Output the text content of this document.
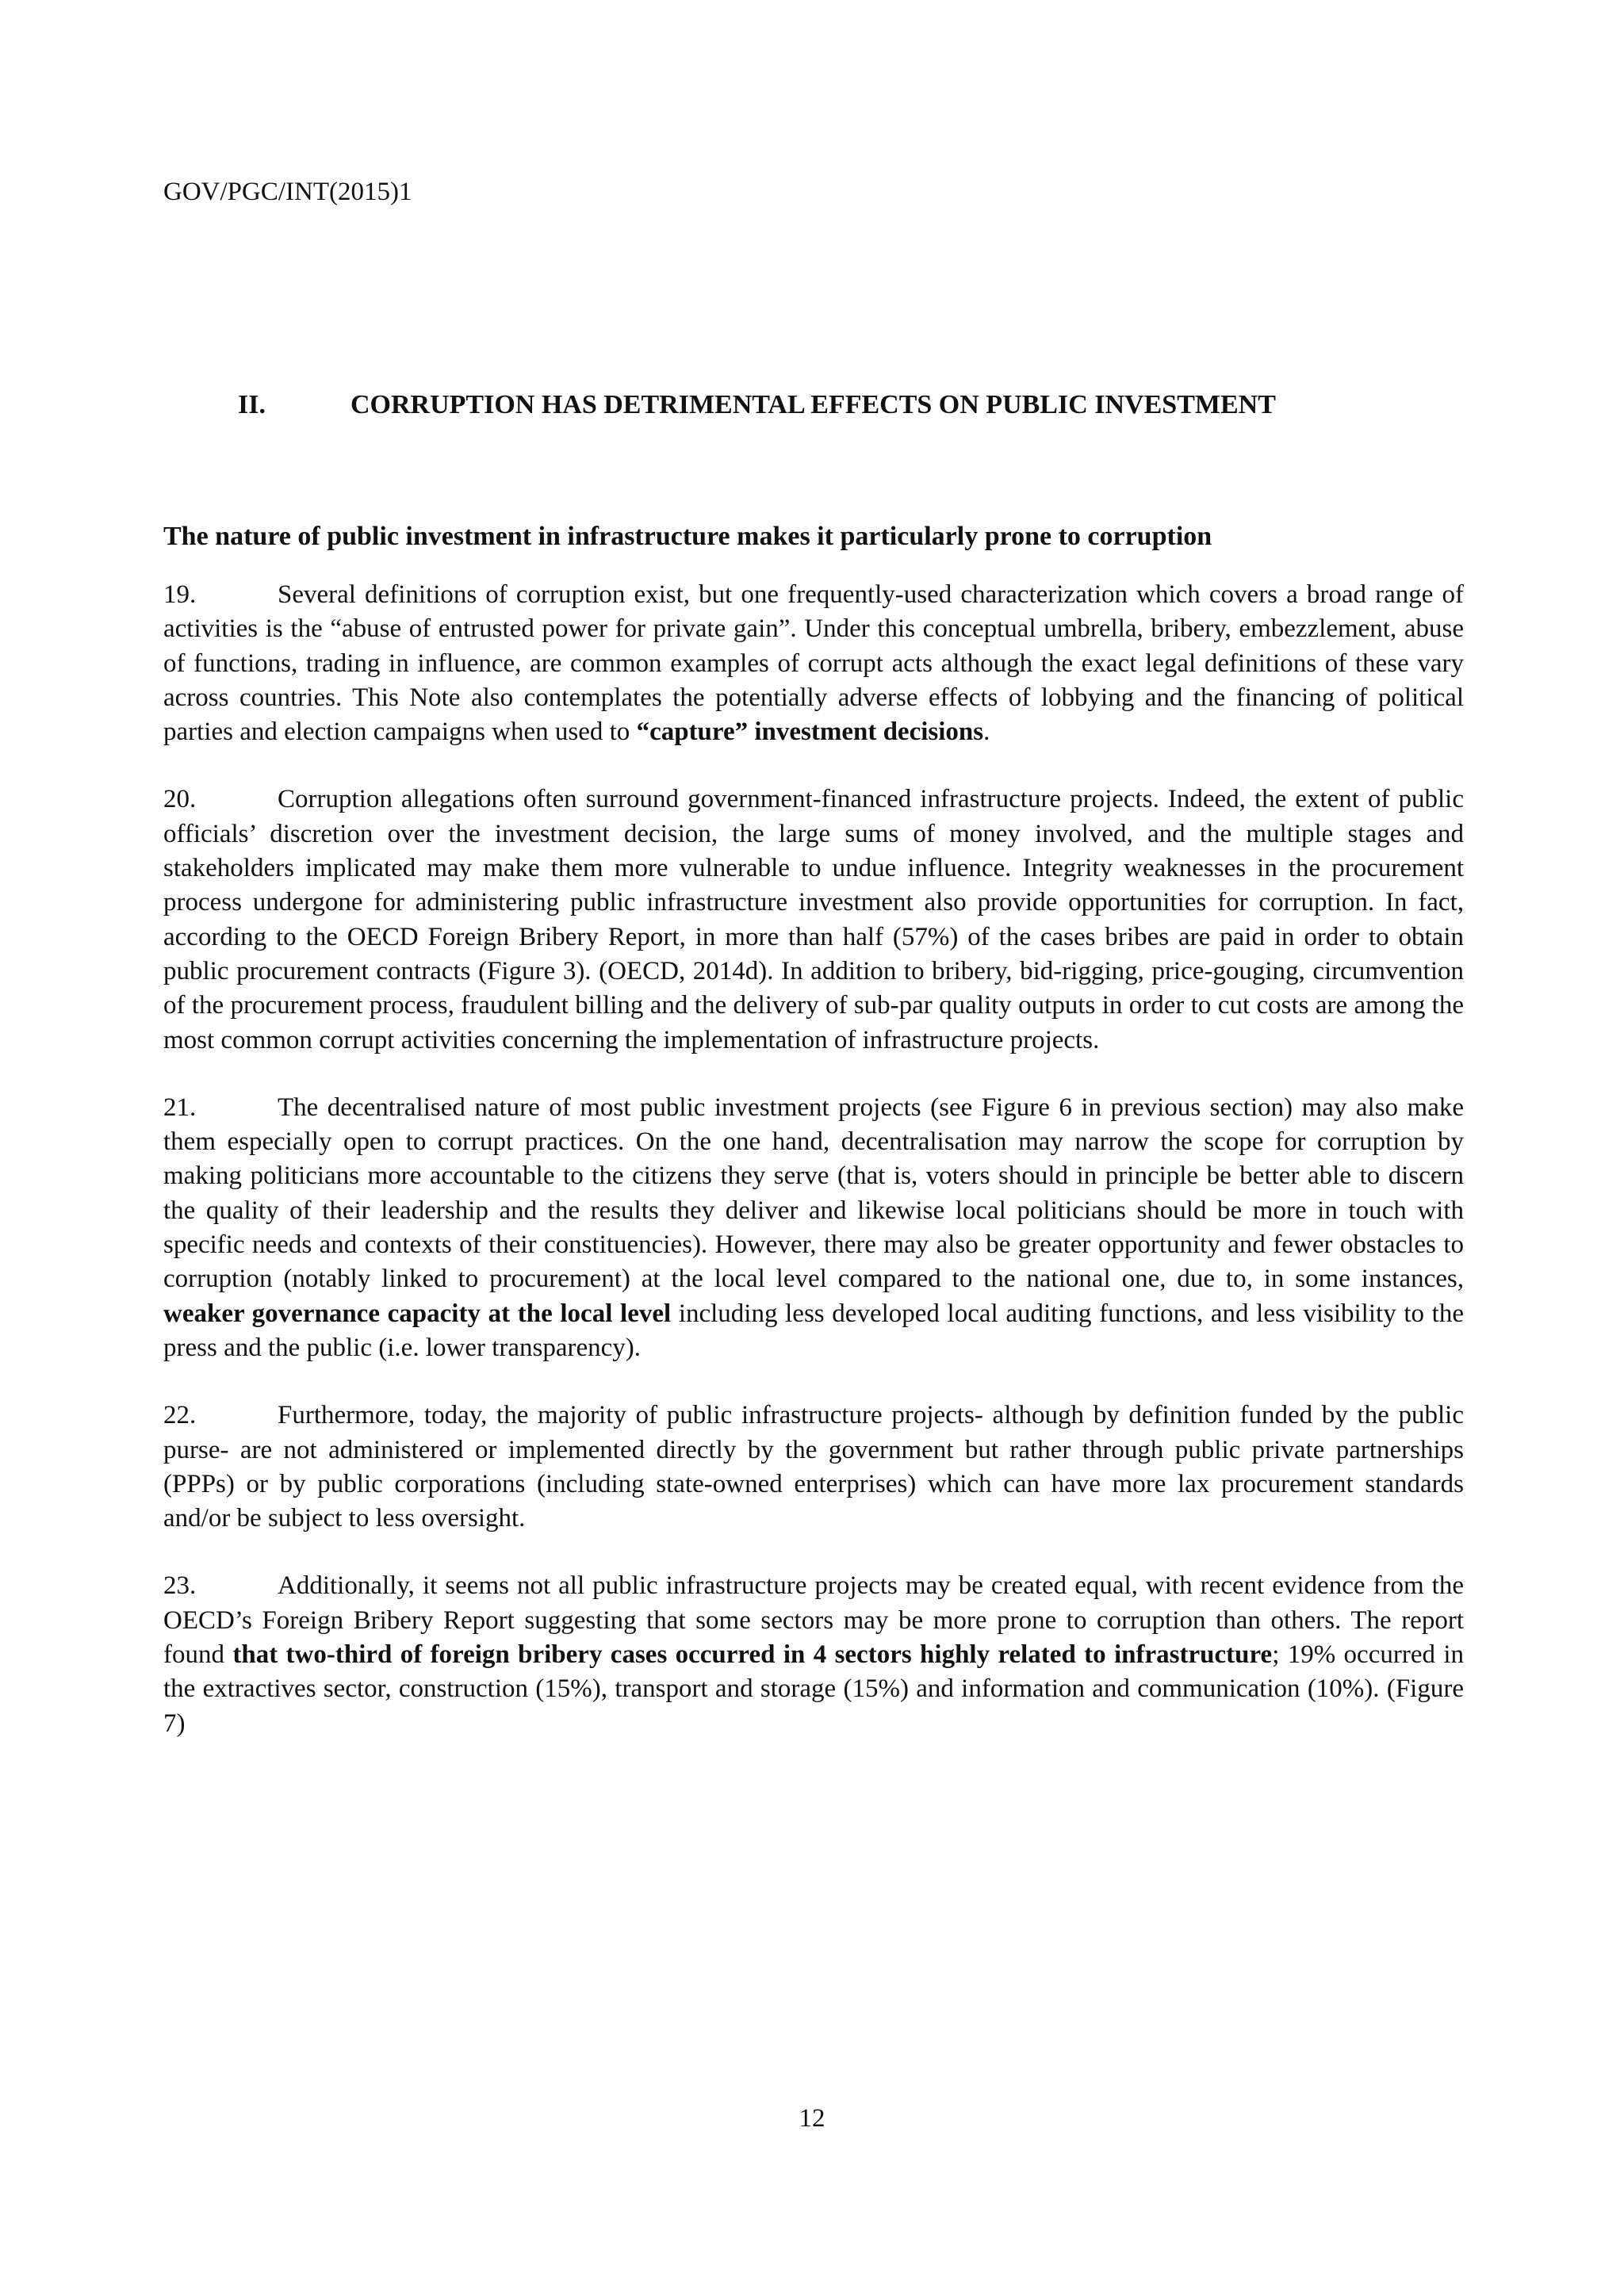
GOV/PGC/INT(2015)1

II.	CORRUPTION HAS DETRIMENTAL EFFECTS ON PUBLIC INVESTMENT
The nature of public investment in infrastructure makes it particularly prone to corruption

19.	Several definitions of corruption exist, but one frequently-used characterization which covers a broad range of activities is the “abuse of entrusted power for private gain”. Under this conceptual umbrella, bribery, embezzlement, abuse of functions, trading in influence, are common examples of corrupt acts although the exact legal definitions of these vary across countries. This Note also contemplates the potentially adverse effects of lobbying and the financing of political parties and election campaigns when used to “capture” investment decisions.

20.	Corruption allegations often surround government-financed infrastructure projects. Indeed, the extent of public officials’ discretion over the investment decision, the large sums of money involved, and the multiple stages and stakeholders implicated may make them more vulnerable to undue influence. Integrity weaknesses in the procurement process undergone for administering public infrastructure investment also provide opportunities for corruption. In fact, according to the OECD Foreign Bribery Report, in more than half (57%) of the cases bribes are paid in order to obtain public procurement contracts (Figure 3). (OECD, 2014d). In addition to bribery, bid-rigging, price-gouging, circumvention of the procurement process, fraudulent billing and the delivery of sub-par quality outputs in order to cut costs are among the most common corrupt activities concerning the implementation of infrastructure projects.

21.	The decentralised nature of most public investment projects (see Figure 6 in previous section) may also make them especially open to corrupt practices. On the one hand, decentralisation may narrow the scope for corruption by making politicians more accountable to the citizens they serve (that is, voters should in principle be better able to discern the quality of their leadership and the results they deliver and likewise local politicians should be more in touch with specific needs and contexts of their constituencies). However, there may also be greater opportunity and fewer obstacles to corruption (notably linked to procurement) at the local level compared to the national one, due to, in some instances, weaker governance capacity at the local level including less developed local auditing functions, and less visibility to the press and the public (i.e. lower transparency).

22.	Furthermore, today, the majority of public infrastructure projects- although by definition funded by the public purse- are not administered or implemented directly by the government but rather through public private partnerships (PPPs) or by public corporations (including state-owned enterprises) which can have more lax procurement standards and/or be subject to less oversight.

23.	Additionally, it seems not all public infrastructure projects may be created equal, with recent evidence from the OECD’s Foreign Bribery Report suggesting that some sectors may be more prone to corruption than others. The report found that two-third of foreign bribery cases occurred in 4 sectors highly related to infrastructure; 19% occurred in the extractives sector, construction (15%), transport and storage (15%) and information and communication (10%). (Figure 7)

12
